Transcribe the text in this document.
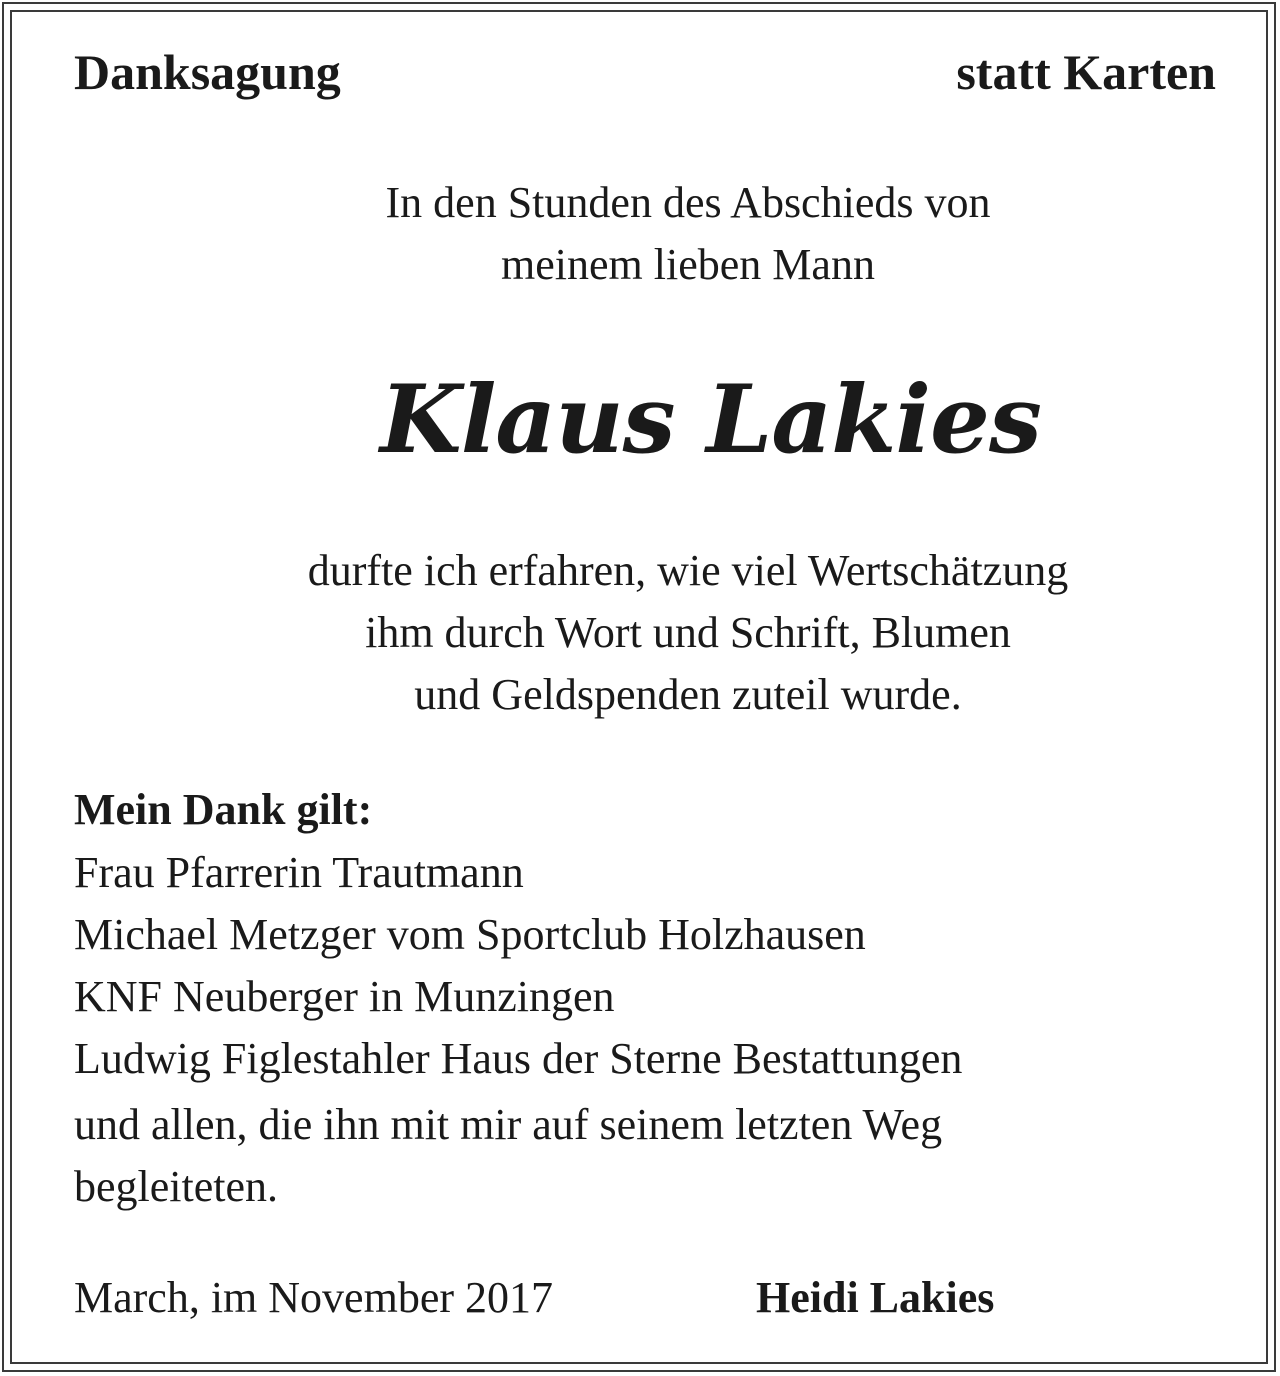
Danksagung	statt Karten
In den Stunden des Abschieds von
meinem lieben Mann
Klaus Lakies
durfte ich erfahren, wie viel Wertschätzung
ihm durch Wort und Schrift, Blumen
und Geldspenden zuteil wurde.
Mein Dank gilt:
Frau Pfarrerin Trautmann
Michael Metzger vom Sportclub Holzhausen
KNF Neuberger in Munzingen
Ludwig Figlestahler Haus der Sterne Bestattungen
und allen, die ihn mit mir auf seinem letzten Weg
begleiteten.
March, im November 2017	Heidi Lakies
